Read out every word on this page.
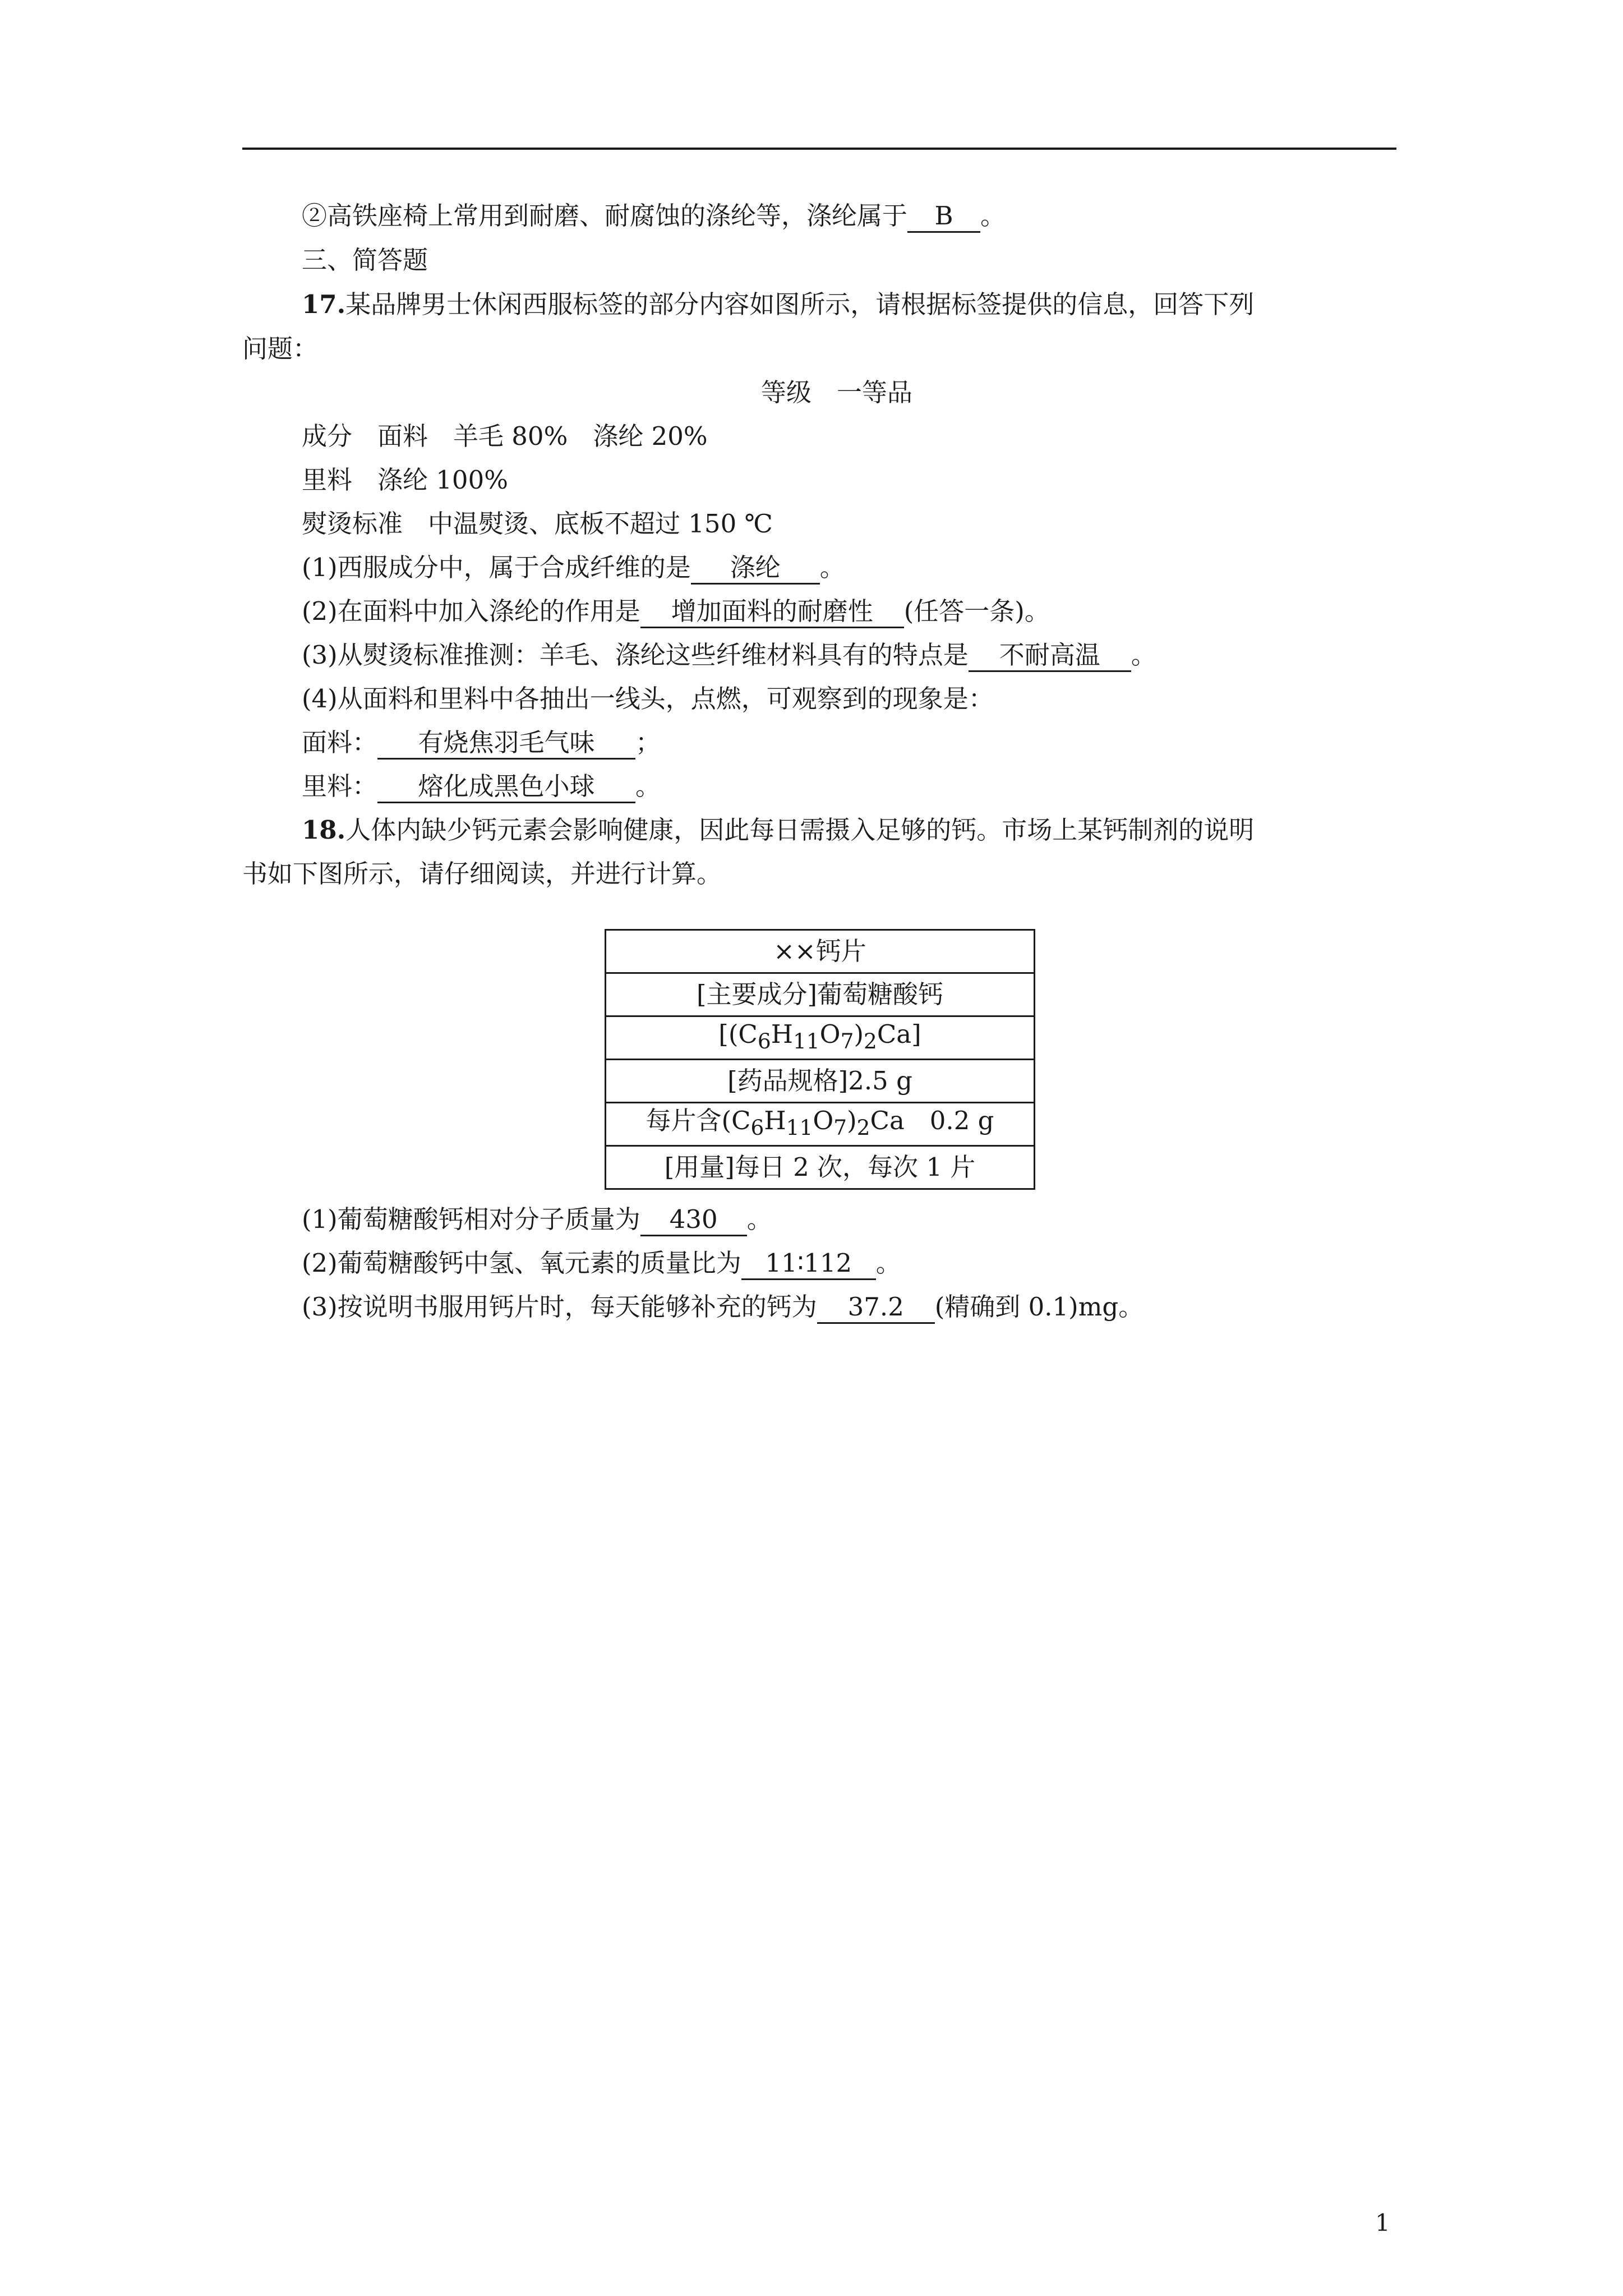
②高铁座椅上常用到耐磨、耐腐蚀的涤纶等，涤纶属于 B 。
三、简答题
17.某品牌男士休闲西服标签的部分内容如图所示，请根据标签提供的信息，回答下列
问题：
等级　一等品
成分　面料　羊毛 80%　涤纶 20%
里料　涤纶 100%
熨烫标准　中温熨烫、底板不超过 150 ℃
(1)西服成分中，属于合成纤维的是 涤纶 。
(2)在面料中加入涤纶的作用是 增加面料的耐磨性 (任答一条)。
(3)从熨烫标准推测：羊毛、涤纶这些纤维材料具有的特点是 不耐高温 。
(4)从面料和里料中各抽出一线头，点燃，可观察到的现象是：
面料： 有烧焦羽毛气味 ；
里料： 熔化成黑色小球 。
18.人体内缺少钙元素会影响健康，因此每日需摄入足够的钙。市场上某钙制剂的说明
书如下图所示，请仔细阅读，并进行计算。
××钙片
[主要成分]葡萄糖酸钙
$[(C_6H_{11}O_7)_2Ca]$
[药品规格]2.5 g
每片含$(C_6H_{11}O_7)_2Ca$　0.2 g
[用量]每日 2 次，每次 1 片
(1)葡萄糖酸钙相对分子质量为 430 。
(2)葡萄糖酸钙中氢、氧元素的质量比为 11∶112 。
(3)按说明书服用钙片时，每天能够补充的钙为 37.2 (精确到 0.1)mg。
1
